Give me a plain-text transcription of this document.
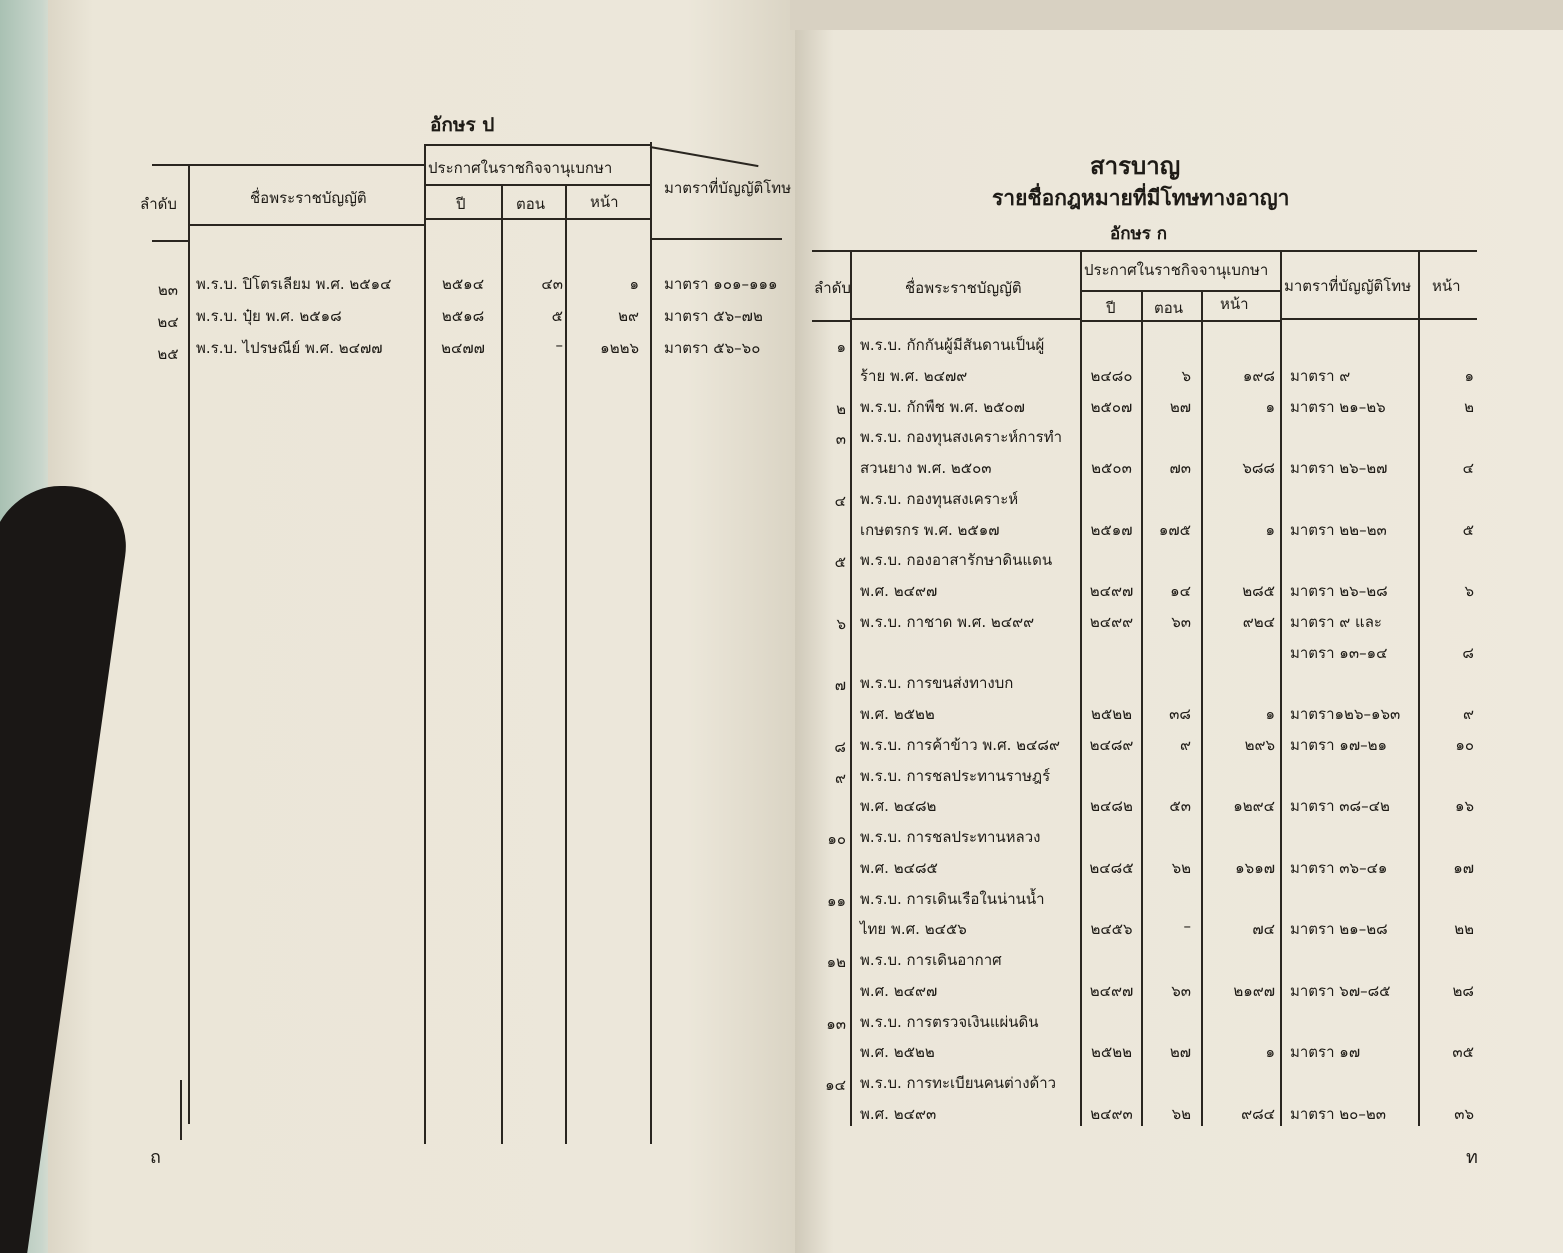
อักษร ป
ลำดับ	ชื่อพระราชบัญญัติ
ประกาศในราชกิจจานุเบกษา
ปี	ตอน	หน้า
มาตราที่บัญญัติโทษ
๒๓	พ.ร.บ. ปิโตรเลียม พ.ศ. ๒๕๑๔	๒๕๑๔	๔๓	๑ มาตรา ๑๐๑–๑๑๑
๒๔	พ.ร.บ. ปุ๋ย พ.ศ. ๒๕๑๘	๒๕๑๘	๕	๒๙ มาตรา ๕๖–๗๒
๒๕	พ.ร.บ. ไปรษณีย์ พ.ศ. ๒๔๗๗	๒๔๗๗	–	๑๒๒๖ มาตรา ๕๖–๖๐
ถ
สารบาญ
รายชื่อกฎหมายที่มีโทษทางอาญา
อักษร ก
ลำดับ	ชื่อพระราชบัญญัติ
ประกาศในราชกิจจานุเบกษา
ปี	ตอน หน้า
มาตราที่บัญญัติโทษ หน้า
๑ พ.ร.บ. กักกันผู้มีสันดานเป็นผู้
ร้าย พ.ศ. ๒๔๗๙	๒๔๘๐	๖	๑๙๘ มาตรา ๙	๑
๒ พ.ร.บ. กักพืช พ.ศ. ๒๕๐๗	๒๕๐๗	๒๗	๑ มาตรา ๒๑–๒๖	๒
๓ พ.ร.บ. กองทุนสงเคราะห์การทำ
สวนยาง พ.ศ. ๒๕๐๓	๒๕๐๓	๗๓	๖๘๘ มาตรา ๒๖–๒๗	๔
๔ พ.ร.บ. กองทุนสงเคราะห์
เกษตรกร พ.ศ. ๒๕๑๗	๒๕๑๗	๑๗๕	๑ มาตรา ๒๒–๒๓	๕
๕ พ.ร.บ. กองอาสารักษาดินแดน
พ.ศ. ๒๔๙๗	๒๔๙๗	๑๔	๒๘๕ มาตรา ๒๖–๒๘	๖
๖ พ.ร.บ. กาชาด พ.ศ. ๒๔๙๙	๒๔๙๙	๖๓	๙๒๔ มาตรา ๙ และ
มาตรา ๑๓–๑๔	๘
๗ พ.ร.บ. การขนส่งทางบก
พ.ศ. ๒๕๒๒	๒๕๒๒	๓๘	๑ มาตรา๑๒๖–๑๖๓	๙
๘ พ.ร.บ. การค้าข้าว พ.ศ. ๒๔๘๙	๒๔๘๙	๙	๒๙๖ มาตรา ๑๗–๒๑	๑๐
๙ พ.ร.บ. การชลประทานราษฎร์
พ.ศ. ๒๔๘๒	๒๔๘๒	๕๓	๑๒๙๔ มาตรา ๓๘–๔๒	๑๖
๑๐ พ.ร.บ. การชลประทานหลวง
พ.ศ. ๒๔๘๕	๒๔๘๕	๖๒	๑๖๑๗ มาตรา ๓๖–๔๑	๑๗
๑๑ พ.ร.บ. การเดินเรือในน่านน้ำ
ไทย พ.ศ. ๒๔๕๖	๒๔๕๖	–	๗๔ มาตรา ๒๑–๒๘	๒๒
๑๒ พ.ร.บ. การเดินอากาศ
พ.ศ. ๒๔๙๗	๒๔๙๗	๖๓	๒๑๙๗ มาตรา ๖๗–๘๕	๒๘
๑๓ พ.ร.บ. การตรวจเงินแผ่นดิน
พ.ศ. ๒๕๒๒	๒๕๒๒	๒๗	๑ มาตรา ๑๗	๓๕
๑๔ พ.ร.บ. การทะเบียนคนต่างด้าว
พ.ศ. ๒๔๙๓	๒๔๙๓	๖๒	๙๘๔ มาตรา ๒๐–๒๓	๓๖
ท
